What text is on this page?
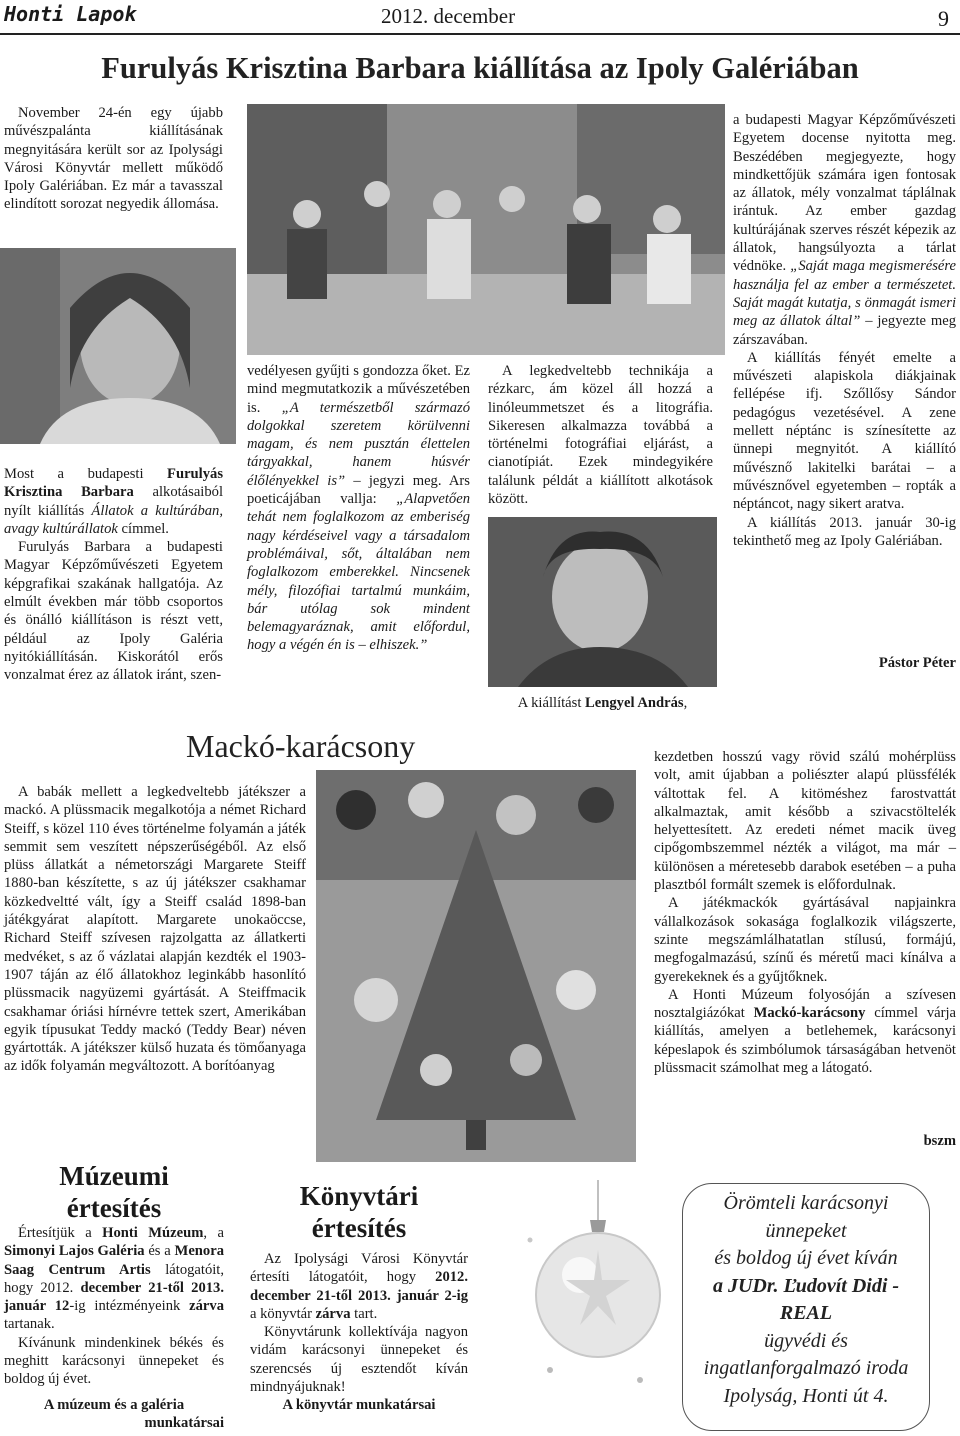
Honti Lapok	2012. december	9
Furulyás Krisztina Barbara kiállítása az Ipoly Galériában

November 24-én egy újabb művészpalánta kiállításának megnyitására került sor az Ipolysági Városi Könyvtár mellett működő Ipoly Galériában. Ez már a tavasszal elindított sorozat negyedik állomása.

Most a budapesti Furulyás Krisztina Barbara alkotásaiból nyílt kiállítás Állatok a kultúrában, avagy kultúrállatok címmel.

Furulyás Barbara a budapesti Magyar Képzőművészeti Egyetem képgrafikai szakának hallgatója. Az elmúlt években már több csoportos és önálló kiállításon is részt vett, például az Ipoly Galéria nyitókiállításán. Kiskorától erős vonzalmat érez az állatok iránt, szen-

vedélyesen gyűjti s gondozza őket. Ez mind megmutatkozik a művészetében is. „A természetből származó dolgokkal szeretem körülvenni magam, és nem pusztán élettelen tárgyakkal, hanem húsvér élőlényekkel is” – jegyzi meg. Ars poeticájában vallja: „Alapvetően tehát nem foglalkozom az emberiség nagy kérdéseivel vagy a társadalom problémáival, sőt, általában nem foglalkozom emberekkel. Nincsenek mély, filozófiai tartalmú munkáim, bár utólag sok mindent belemagyaráznak, amit előfordul, hogy a végén én is – elhiszek.”

A legkedveltebb technikája a rézkarc, ám közel áll hozzá a linóleummetszet és a litográfia. Sikeresen alkalmazza továbbá a történelmi fotográfiai eljárást, a cianotípiát. Ezek mindegyikére találunk példát a kiállított alkotások között.

A kiállítást Lengyel András,

a budapesti Magyar Képzőművészeti Egyetem docense nyitotta meg. Beszédében megjegyezte, hogy mindkettőjük számára igen fontosak az állatok, mély vonzalmat táplálnak irántuk. Az ember gazdag kultúrájának szerves részét képezik az állatok, hangsúlyozta a tárlat védnöke. „Saját maga megismerésére használja fel az ember a természetet. Saját magát kutatja, s önmagát ismeri meg az állatok által” – jegyezte meg zárszavában.

A kiállítás fényét emelte a művészeti alapiskola diákjainak fellépése ifj. Szőllősy Sándor pedagógus vezetésével. A zene mellett néptánc is színesítette az ünnepi megnyitót. A kiállító művésznő lakitelki barátai – a művésznővel egyetemben – ropták a néptáncot, nagy sikert aratva.

A kiállítás 2013. január 30-ig tekinthető meg az Ipoly Galériában.

Pástor Péter
Mackó-karácsony

A babák mellett a legkedveltebb játékszer a mackó. A plüssmacik megalkotója a német Richard Steiff, s közel 110 éves történelme folyamán a játék semmit sem veszített népszerűségéből. Az első plüss állatkát a németországi Margarete Steiff 1880-ban készítette, s az új játékszer csakhamar közkedveltté vált, így a Steiff család 1898-ban játékgyárat alapított. Margarete unokaöccse, Richard Steiff szívesen rajzolgatta az állatkerti medvéket, s az ő vázlatai alapján kezdték el 1903-1907 táján az élő állatokhoz leginkább hasonlító plüssmacik nagyüzemi gyártását. A Steiffmacik csakhamar óriási hírnévre tettek szert, Amerikában egyik típusukat Teddy mackó (Teddy Bear) néven gyártották. A játékszer külső huzata és tömőanyaga az idők folyamán megváltozott. A borítóanyag

kezdetben hosszú vagy rövid szálú mohérplüss volt, amit újabban a poliészter alapú plüssfélék váltottak fel. A kitöméshez farostvattát alkalmaztak, amit később a szivacstöltelék helyettesített. Az eredeti német macik üveg cipőgombszemmel nézték a világot, ma már – különösen a méretesebb darabok esetében – a puha plasztból formált szemek is előfordulnak.

A játékmackók gyártásával napjainkra vállalkozások sokasága foglalkozik világszerte, szinte megszámlálhatatlan stílusú, formájú, megfogalmazású, színű és méretű maci kínálva a gyerekeknek és a gyűjtőknek.

A Honti Múzeum folyosóján a szívesen nosztalgiázókat Mackó-karácsony címmel várja kiállítás, amelyen a betlehemek, karácsonyi képeslapok és szimbólumok társaságában hetvenöt plüssmacit számolhat meg a látogató.

bszm
Múzeumi
értesítés

Értesítjük a Honti Múzeum, a Simonyi Lajos Galéria és a Menora Saag Centrum Artis látogatóit, hogy 2012. december 21-től 2013. január 12-ig intézményeink zárva tartanak.

Kívánunk mindenkinek békés és meghitt karácsonyi ünnepeket és boldog új évet.

A múzeum és a galéria
munkatársai
Könyvtári
értesítés

Az Ipolysági Városi Könyvtár értesíti látogatóit, hogy 2012. december 21-től 2013. január 2-ig a könyvtár zárva tart.

Könyvtárunk kollektívája nagyon vidám karácsonyi ünnepeket és szerencsés új esztendőt kíván mindnyájuknak!

A könyvtár munkatársai
Örömteli karácsonyi
ünnepeket
és boldog új évet kíván
a JUDr. Ľudovít Didi -
REAL
ügyvédi és
ingatlanforgalmazó iroda
Ipolyság, Honti út 4.
